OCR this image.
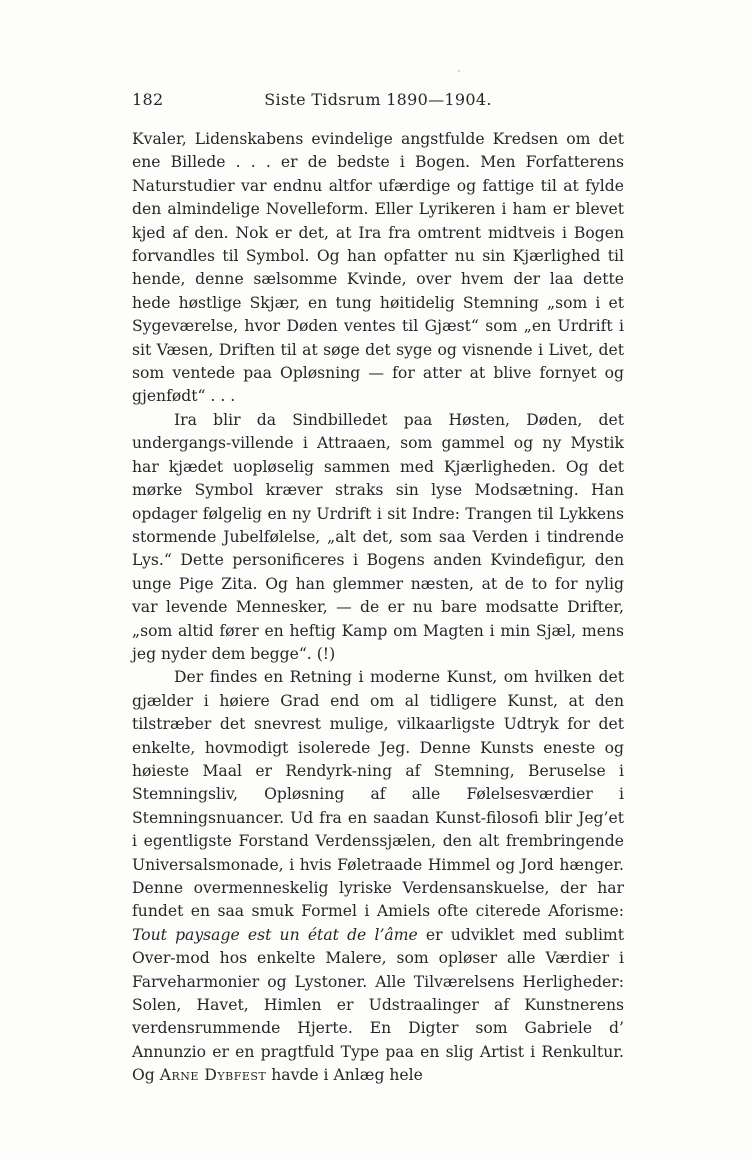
182	Siste Tidsrum 1890—1904.

Kvaler, Lidenskabens evindelige angstfulde Kredsen om det ene Billede . . . er de bedste i Bogen. Men Forfatterens Naturstudier var endnu altfor ufærdige og fattige til at fylde den almindelige Novelleform. Eller Lyrikeren i ham er blevet kjed af den. Nok er det, at Ira fra omtrent midtveis i Bogen forvandles til Symbol. Og han opfatter nu sin Kjærlighed til hende, denne sælsomme Kvinde, over hvem der laa dette hede høstlige Skjær, en tung høitidelig Stemning „som i et Sygeværelse, hvor Døden ventes til Gjæst“ som „en Urdrift i sit Væsen, Driften til at søge det syge og visnende i Livet, det som ventede paa Opløsning — for atter at blive fornyet og gjenfødt“ . . .

Ira blir da Sindbilledet paa Høsten, Døden, det undergangs-villende i Attraaen, som gammel og ny Mystik har kjædet uopløselig sammen med Kjærligheden. Og det mørke Symbol kræver straks sin lyse Modsætning. Han opdager følgelig en ny Urdrift i sit Indre: Trangen til Lykkens stormende Jubelfølelse, „alt det, som saa Verden i tindrende Lys.“ Dette personificeres i Bogens anden Kvindefigur, den unge Pige Zita. Og han glemmer næsten, at de to for nylig var levende Mennesker, — de er nu bare modsatte Drifter, „som altid fører en heftig Kamp om Magten i min Sjæl, mens jeg nyder dem begge“. (!)

Der findes en Retning i moderne Kunst, om hvilken det gjælder i høiere Grad end om al tidligere Kunst, at den tilstræber det snevrest mulige, vilkaarligste Udtryk for det enkelte, hovmodigt isolerede Jeg. Denne Kunsts eneste og høieste Maal er Rendyrk-ning af Stemning, Beruselse i Stemningsliv, Opløsning af alle Følelsesværdier i Stemningsnuancer. Ud fra en saadan Kunst-filosofi blir Jeg’et i egentligste Forstand Verdenssjælen, den alt frembringende Universalsmonade, i hvis Føletraade Himmel og Jord hænger. Denne overmenneskelig lyriske Verdensanskuelse, der har fundet en saa smuk Formel i Amiels ofte citerede Aforisme: Tout paysage est un état de l’âme er udviklet med sublimt Over-mod hos enkelte Malere, som opløser alle Værdier i Farveharmonier og Lystoner. Alle Tilværelsens Herligheder: Solen, Havet, Himlen er Udstraalinger af Kunstnerens verdensrummende Hjerte. En Digter som Gabriele d’ Annunzio er en pragtfuld Type paa en slig Artist i Renkultur. Og Arne Dybfest havde i Anlæg hele
